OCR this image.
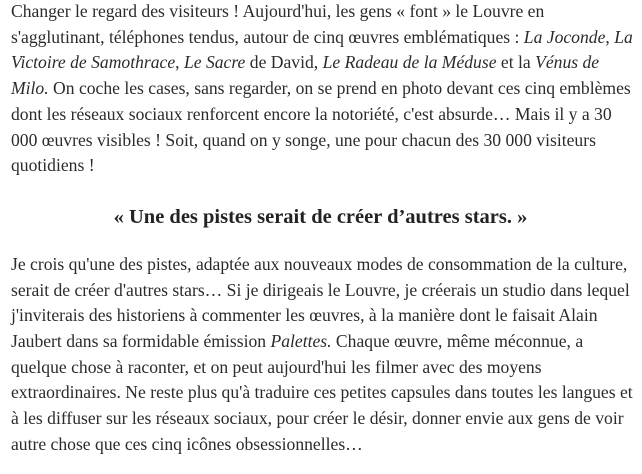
Changer le regard des visiteurs ! Aujourd'hui, les gens « font » le Louvre en s'agglutinant, téléphones tendus, autour de cinq œuvres emblématiques : La Joconde, La Victoire de Samothrace, Le Sacre de David, Le Radeau de la Méduse et la Vénus de Milo. On coche les cases, sans regarder, on se prend en photo devant ces cinq emblèmes dont les réseaux sociaux renforcent encore la notoriété, c'est absurde… Mais il y a 30 000 œuvres visibles ! Soit, quand on y songe, une pour chacun des 30 000 visiteurs quotidiens !

« Une des pistes serait de créer d’autres stars. »

Je crois qu'une des pistes, adaptée aux nouveaux modes de consommation de la culture, serait de créer d'autres stars… Si je dirigeais le Louvre, je créerais un studio dans lequel j'inviterais des historiens à commenter les œuvres, à la manière dont le faisait Alain Jaubert dans sa formidable émission Palettes. Chaque œuvre, même méconnue, a quelque chose à raconter, et on peut aujourd'hui les filmer avec des moyens extraordinaires. Ne reste plus qu'à traduire ces petites capsules dans toutes les langues et à les diffuser sur les réseaux sociaux, pour créer le désir, donner envie aux gens de voir autre chose que ces cinq icônes obsessionnelles…
